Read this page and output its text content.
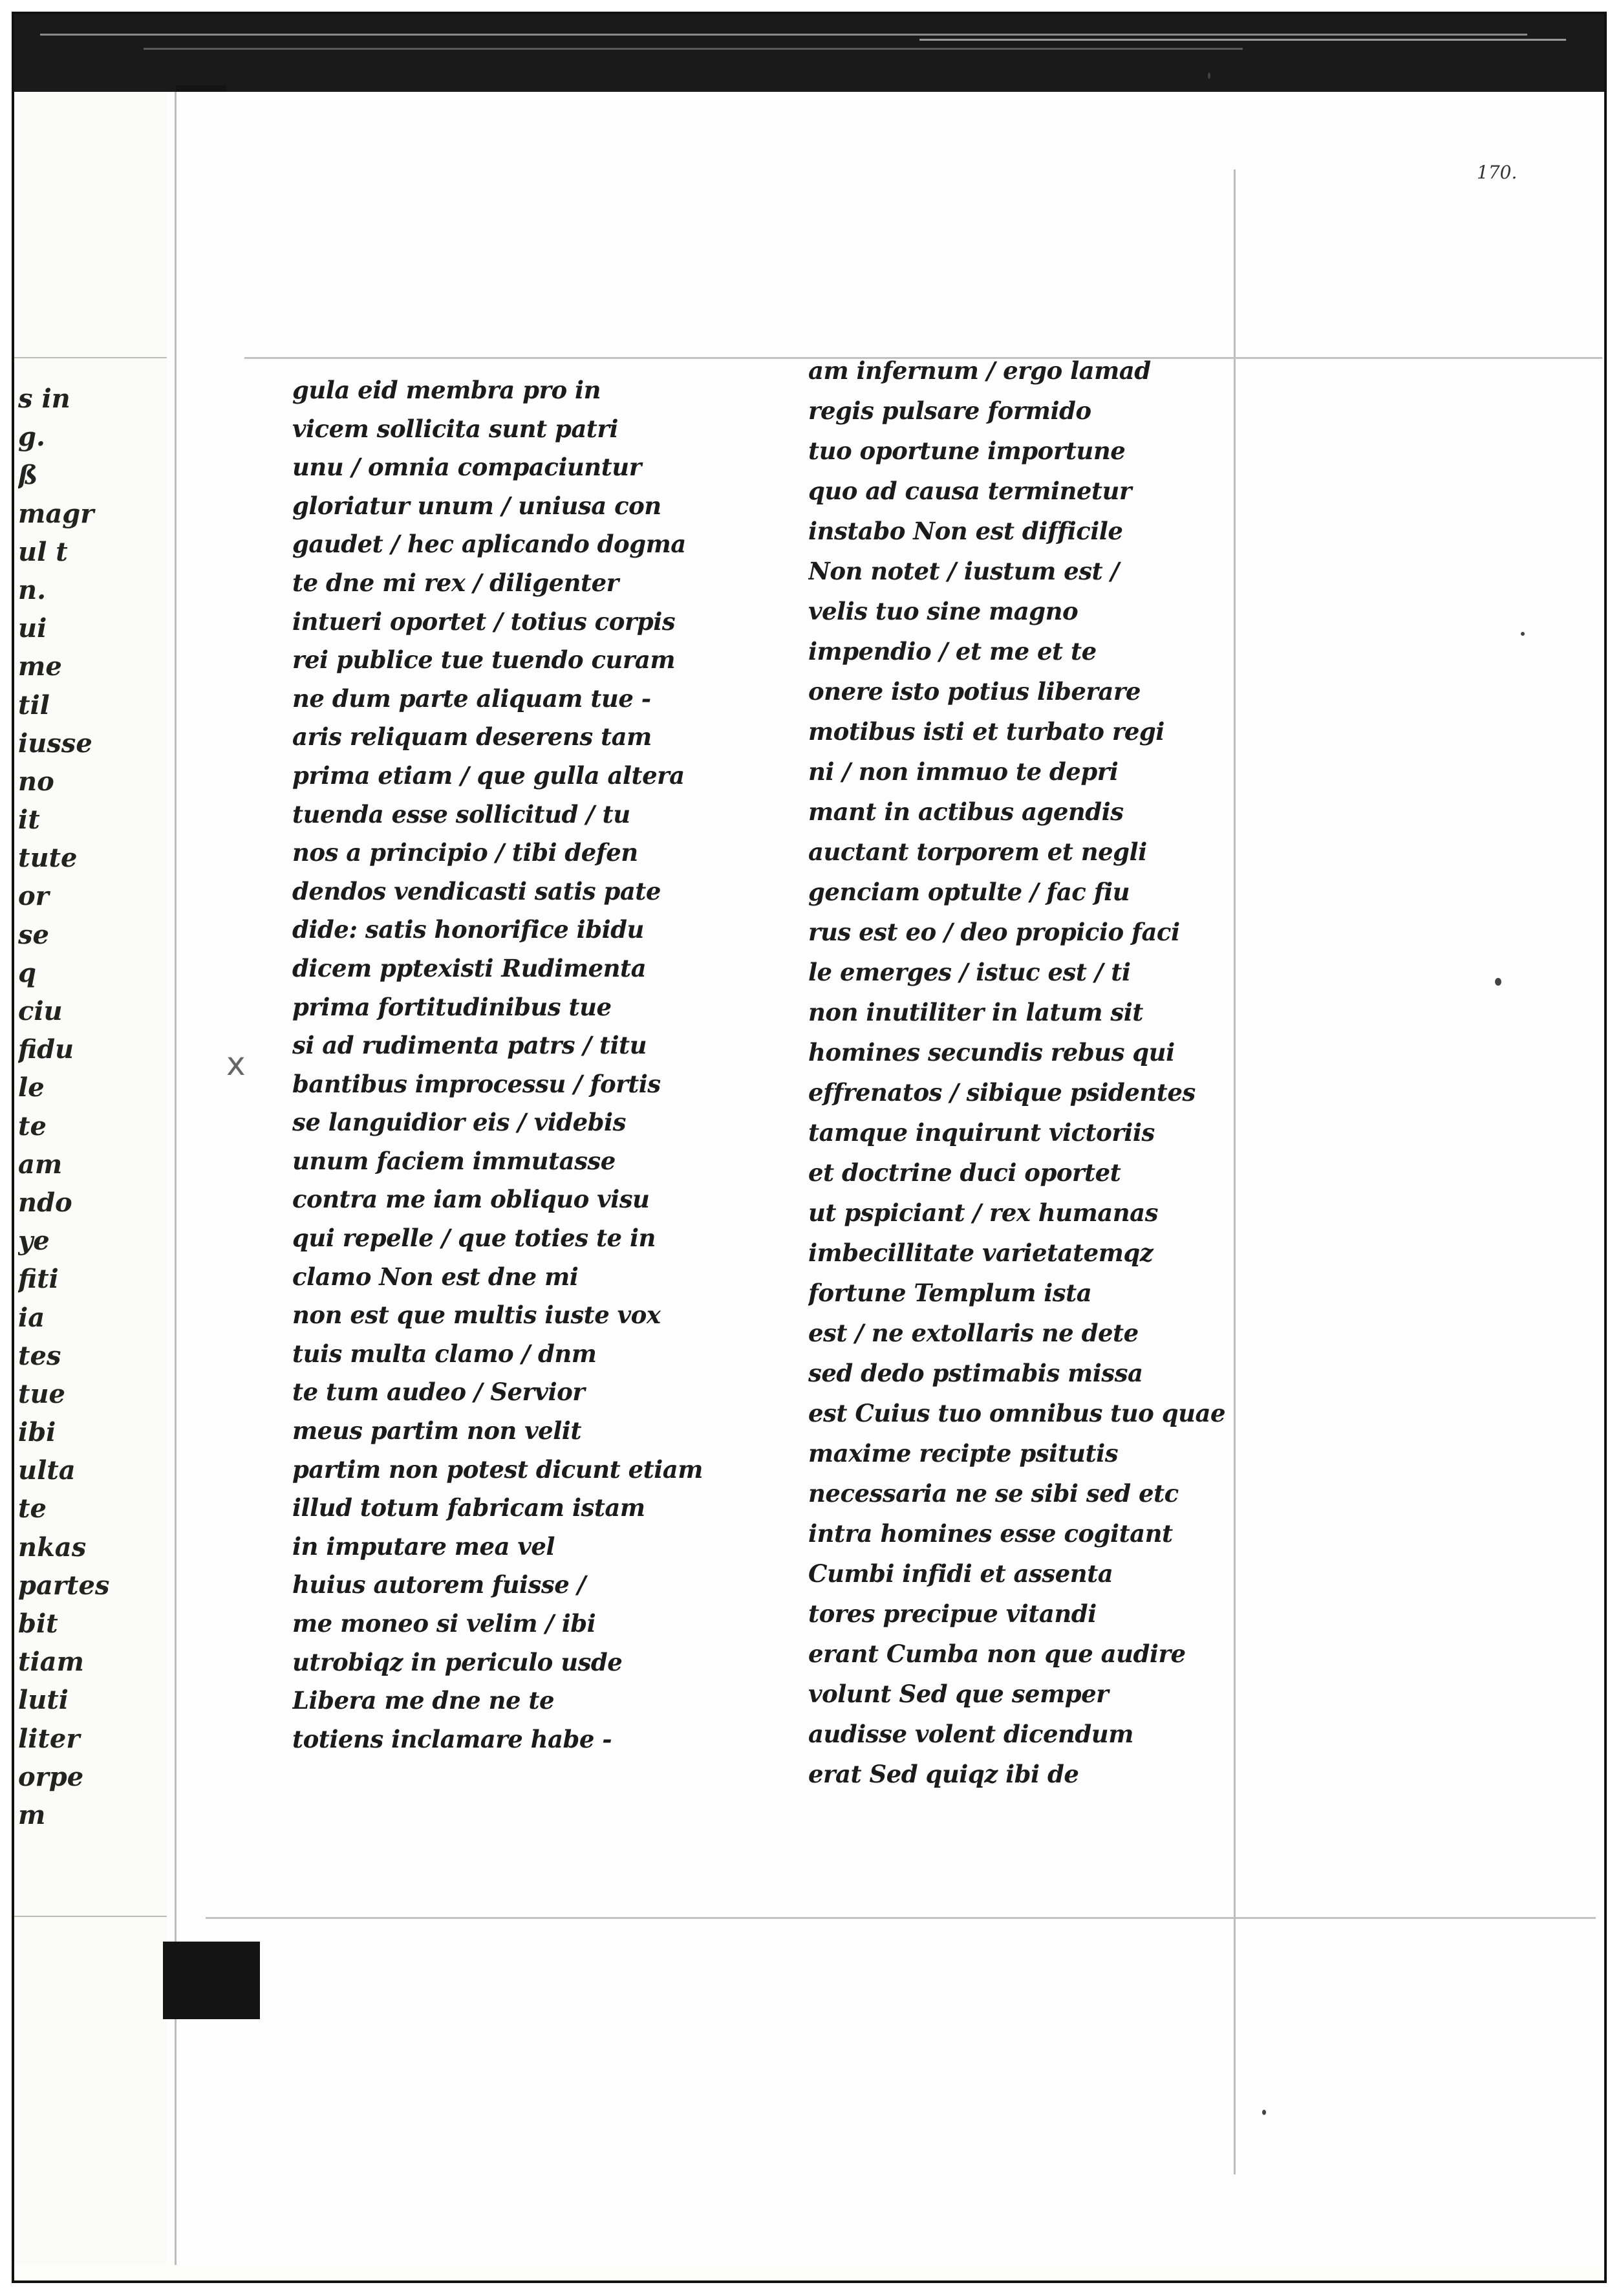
s in
g.
ß
magr
ul t
n.
ui
me
til
iusse
no
it
tute
or
se
q
ciu
fidu
le
te
am
ndo
ye
fiti
ia
tes
tue
ibi
ulta
te
nkas
partes
bit
tiam
luti
liter
orpe
m
170.
x
gula eid membra pro in
vicem sollicita sunt patri
unu / omnia compaciuntur
gloriatur unum / uniusa con
gaudet / hec aplicando dogma
te dne mi rex / diligenter
intueri oportet / totius corpis
rei publice tue tuendo curam
ne dum parte aliquam tue -
aris reliquam deserens tam
prima etiam / que gulla altera
tuenda esse sollicitud / tu
nos a principio / tibi defen
dendos vendicasti satis pate
dide: satis honorifice ibidu
dicem pptexisti Rudimenta
prima fortitudinibus tue
si ad rudimenta patrs / titu
bantibus improcessu / fortis
se languidior eis / videbis
unum faciem immutasse
contra me iam obliquo visu
qui repelle / que toties te in
clamo Non est dne mi
non est que multis iuste vox
tuis multa clamo / dnm
te tum audeo / Servior
meus partim non velit
partim non potest dicunt etiam
illud totum fabricam istam
in imputare mea vel
huius autorem fuisse /
me moneo si velim / ibi
utrobiqz in periculo usde
Libera me dne ne te
totiens inclamare habe -
am infernum / ergo lamad
regis pulsare formido
tuo oportune importune
quo ad causa terminetur
instabo Non est difficile
Non notet / iustum est /
velis tuo sine magno
impendio / et me et te
onere isto potius liberare
motibus isti et turbato regi
ni / non immuo te depri
mant in actibus agendis
auctant torporem et negli
genciam optulte / fac fiu
rus est eo / deo propicio faci
le emerges / istuc est / ti
non inutiliter in latum sit
homines secundis rebus qui
effrenatos / sibique psidentes
tamque inquirunt victoriis
et doctrine duci oportet
ut pspiciant / rex humanas
imbecillitate varietatemqz
fortune Templum ista
est / ne extollaris ne dete
sed dedo pstimabis missa
est Cuius tuo omnibus tuo quae
maxime recipte psitutis
necessaria ne se sibi sed etc
intra homines esse cogitant
Cumbi infidi et assenta
tores precipue vitandi
erant Cumba non que audire
volunt Sed que semper
audisse volent dicendum
erat Sed quiqz ibi de
